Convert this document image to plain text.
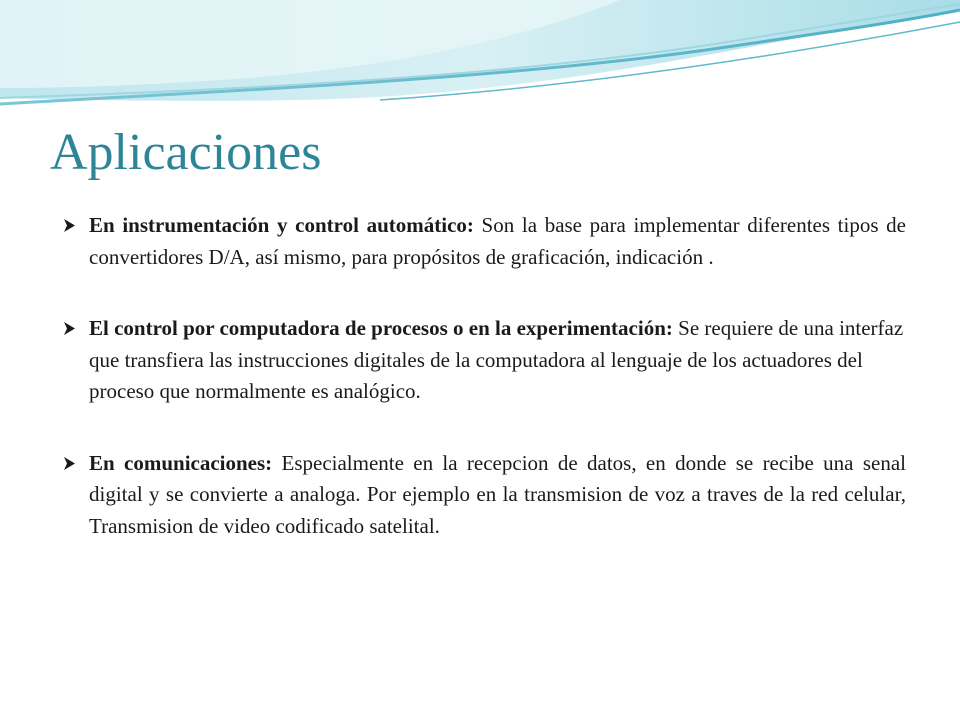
Aplicaciones
En instrumentación y control automático: Son la base para implementar diferentes tipos de convertidores D/A, así mismo, para propósitos de graficación, indicación .
El control por computadora de procesos o en la experimentación: Se requiere de una interfaz que transfiera las instrucciones digitales de la computadora al lenguaje de los actuadores del proceso que normalmente es analógico.
En comunicaciones: Especialmente en la recepcion de datos, en donde se recibe una senal digital y se convierte a analoga. Por ejemplo en la transmision de voz a traves de la red celular, Transmision de video codificado satelital.
